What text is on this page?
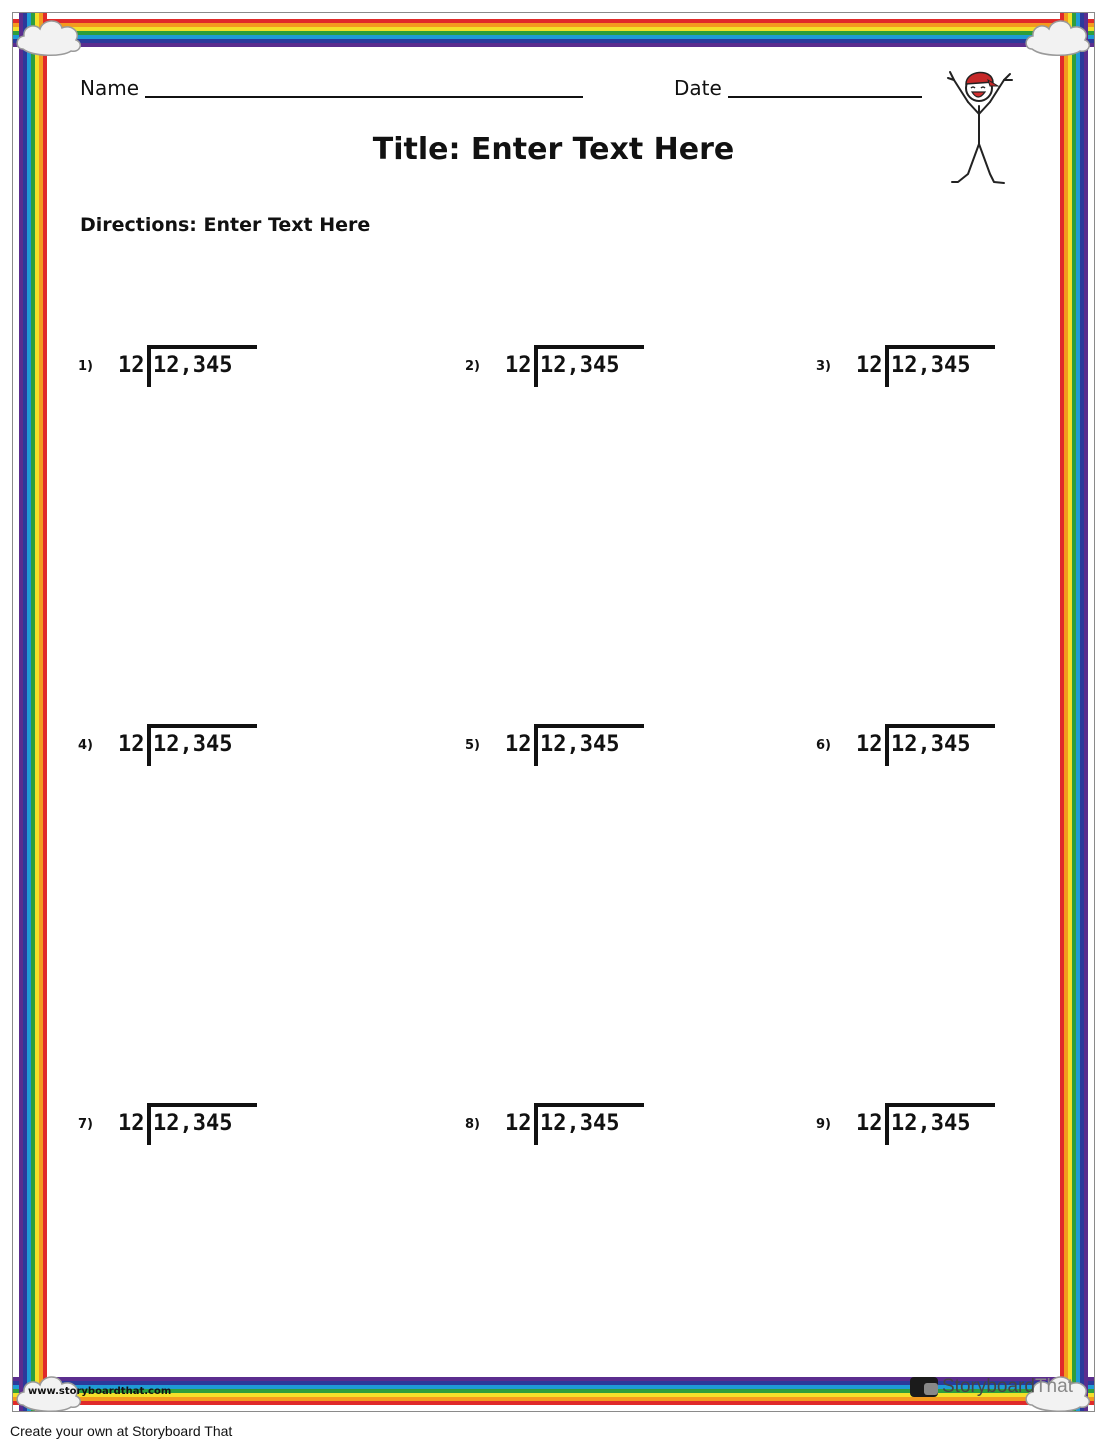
Name	Date
Title: Enter Text Here
Directions: Enter Text Here
1) 12 12,345	2) 12 12,345	3) 12 12,345
4) 12 12,345	5) 12 12,345	6) 12 12,345
7) 12 12,345	8) 12 12,345	9) 12 12,345
www.storyboardthat.com	Storyboard That
Create your own at Storyboard That
